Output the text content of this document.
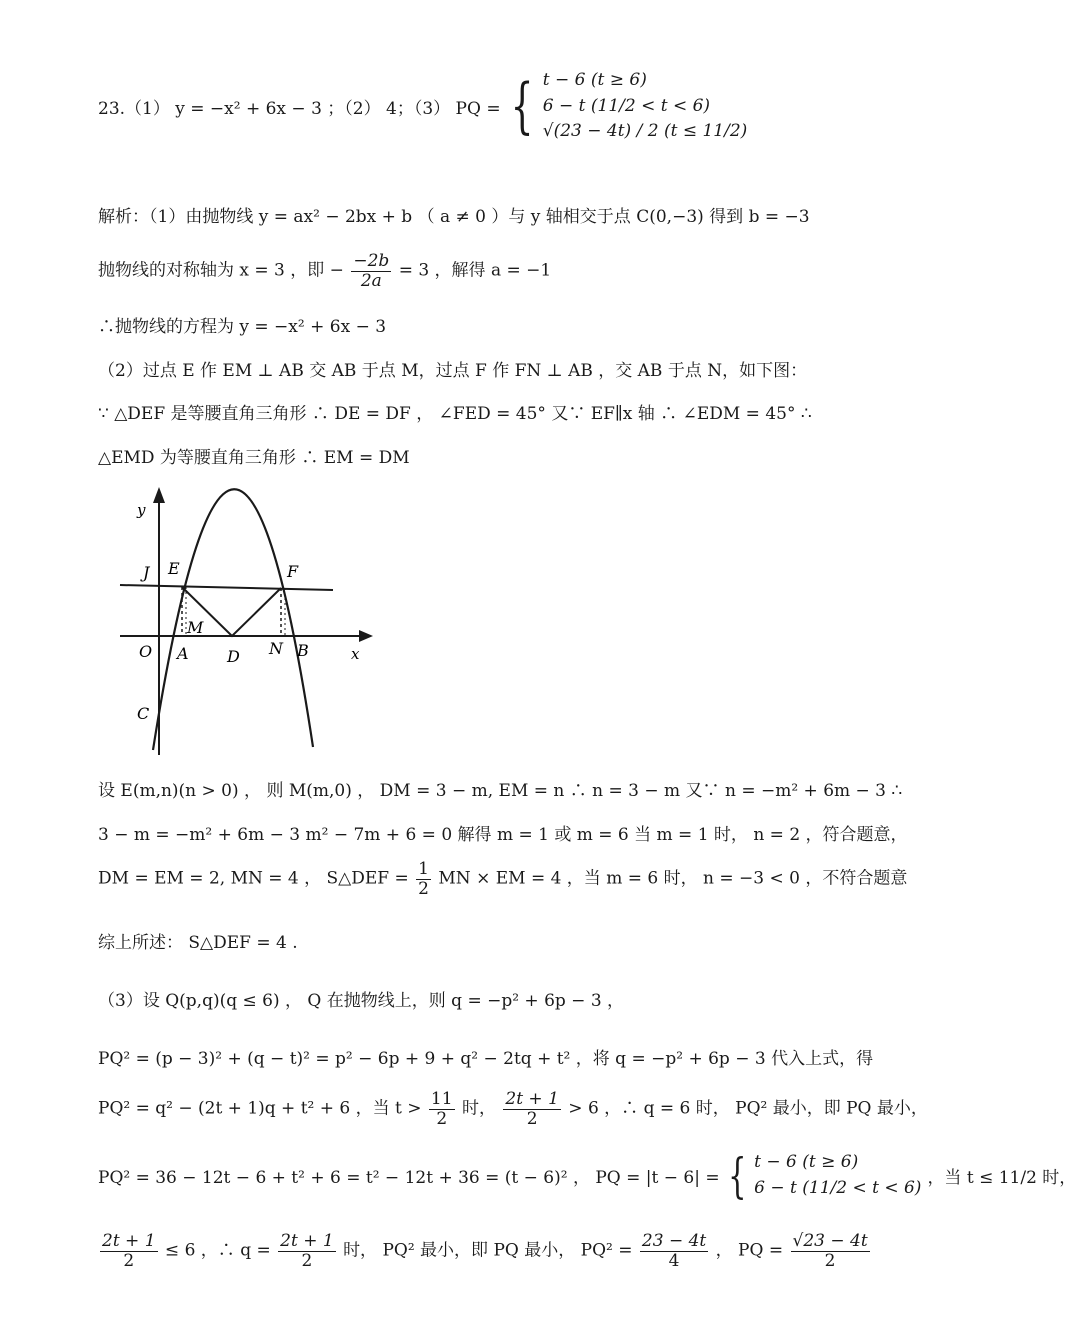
23.（1） y = −x² + 6x − 3 ；（2） 4；（3） PQ = { t − 6 (t ≥ 6)
6 − t (11/2 < t < 6)
√(23 − 4t) / 2 (t ≤ 11/2)
解析：（1）由抛物线 y = ax² − 2bx + b （ a ≠ 0 ）与 y 轴相交于点 C(0,−3) 得到 b = −3
抛物线的对称轴为 x = 3 ，即 − $\frac{-2b}{2a} = 3$ ，解得 a = −1
∴抛物线的方程为 y = −x² + 6x − 3
（2）过点 E 作 EM ⊥ AB 交 AB 于点 M，过点 F 作 FN ⊥ AB ，交 AB 于点 N，如下图：
∵ △DEF 是等腰直角三角形 ∴ DE = DF ， ∠FED = 45° 又∵ EF∥x 轴 ∴ ∠EDM = 45° ∴
△EMD 为等腰直角三角形 ∴ EM = DM
y
x
O A D N B
C
J E	F
M
设 E(m,n)(n > 0) ， 则 M(m,0) ， DM = 3 − m, EM = n ∴ n = 3 − m 又∵ n = −m² + 6m − 3 ∴
3 − m = −m² + 6m − 3 m² − 7m + 6 = 0 解得 m = 1 或 m = 6 当 m = 1 时， n = 2 ，符合题意，
DM = EM = 2, MN = 4 ， S△DEF = $\frac{1}{2}$ MN × EM = 4 ，当 m = 6 时， n = −3 < 0 ，不符合题意
综上所述： S△DEF = 4 .
（3）设 Q(p,q)(q ≤ 6) ， Q 在抛物线上，则 q = −p² + 6p − 3 ，
PQ² = (p − 3)² + (q − t)² = p² − 6p + 9 + q² − 2tq + t² ，将 q = −p² + 6p − 3 代入上式，得
PQ² = q² − (2t + 1)q + t² + 6 ，当 $t > \frac{11}{2}$ 时， $\frac{2t + 1}{2} > 6$ ，∴ q = 6 时， PQ² 最小，即 PQ 最小，
PQ² = 36 − 12t − 6 + t² + 6 = t² − 12t + 36 = (t − 6)² ， PQ = |t − 6| = { t − 6 (t ≥ 6)
6 − t (11/2 < t < 6) ，当 t ≤ 11/2 时，
$\frac{2t + 1}{2} \le 6$ ，∴ $q = \frac{2t + 1}{2}$ 时， PQ² 最小，即 PQ 最小， $PQ^2 = \frac{23 - 4t}{4}$ ， PQ = $\frac{√23 - 4t}{2}$
